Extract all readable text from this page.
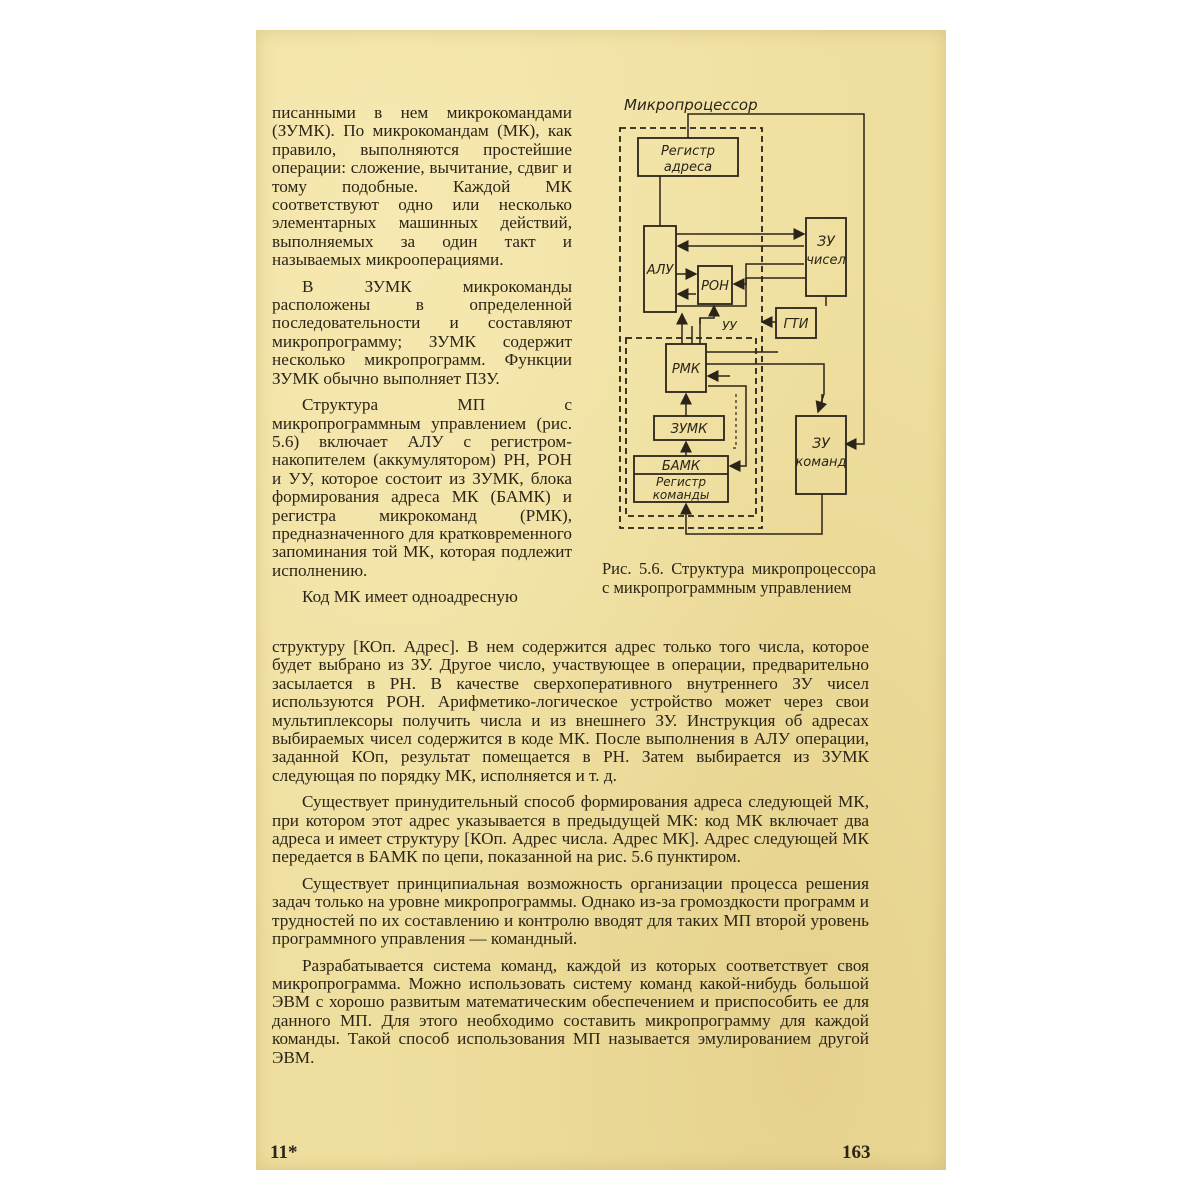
писанными в нем микрокомандами (ЗУМК). По микрокомандам (МК), как правило, выполняются простейшие операции: сложение, вычитание, сдвиг и тому подобные. Каждой МК соответствуют одно или несколько элементарных машинных действий, выполняемых за один такт и называемых микрооперациями.

В ЗУМК микрокоманды расположены в определенной последовательности и составляют микропрограмму; ЗУМК содержит несколько микропрограмм. Функции ЗУМК обычно выполняет ПЗУ.

Структура МП с микропрограммным управлением (рис. 5.6) включает АЛУ с регистром-накопителем (аккумулятором) РН, РОН и УУ, которое состоит из ЗУМК, блока формирования адреса МК (БАМК) и регистра микрокоманд (РМК), предназначенного для кратковременного запоминания той МК, которая подлежит исполнению.

Код МК имеет одноадресную

Микропроцессор
Регистр
адреса
АЛУ
РОН
ЗУ
чисел
УУ	ГТИ
РМК
ЗУМК
БАМК
Регистр
команды
ЗУ
команд
Рис. 5.6. Структура микропроцессора с микропрограммным управлением

структуру [КОп. Адрес]. В нем содержится адрес только того числа, которое будет выбрано из ЗУ. Другое число, участвующее в операции, предварительно засылается в РН. В качестве сверхоперативного внутреннего ЗУ чисел используются РОН. Арифметико-логическое устройство может через свои мультиплексоры получить числа и из внешнего ЗУ. Инструкция об адресах выбираемых чисел содержится в коде МК. После выполнения в АЛУ операции, заданной КОп, результат помещается в РН. Затем выбирается из ЗУМК следующая по порядку МК, исполняется и т. д.

Существует принудительный способ формирования адреса следующей МК, при котором этот адрес указывается в предыдущей МК: код МК включает два адреса и имеет структуру [КОп. Адрес числа. Адрес МК]. Адрес следующей МК передается в БАМК по цепи, показанной на рис. 5.6 пунктиром.

Существует принципиальная возможность организации процесса решения задач только на уровне микропрограммы. Однако из-за громоздкости программ и трудностей по их составлению и контролю вводят для таких МП второй уровень программного управления — командный.

Разрабатывается система команд, каждой из которых соответствует своя микропрограмма. Можно использовать систему команд какой-нибудь большой ЭВМ с хорошо развитым математическим обеспечением и приспособить ее для данного МП. Для этого необходимо составить микропрограмму для каждой команды. Такой способ использования МП называется эмулированием другой ЭВМ.

11*	163
